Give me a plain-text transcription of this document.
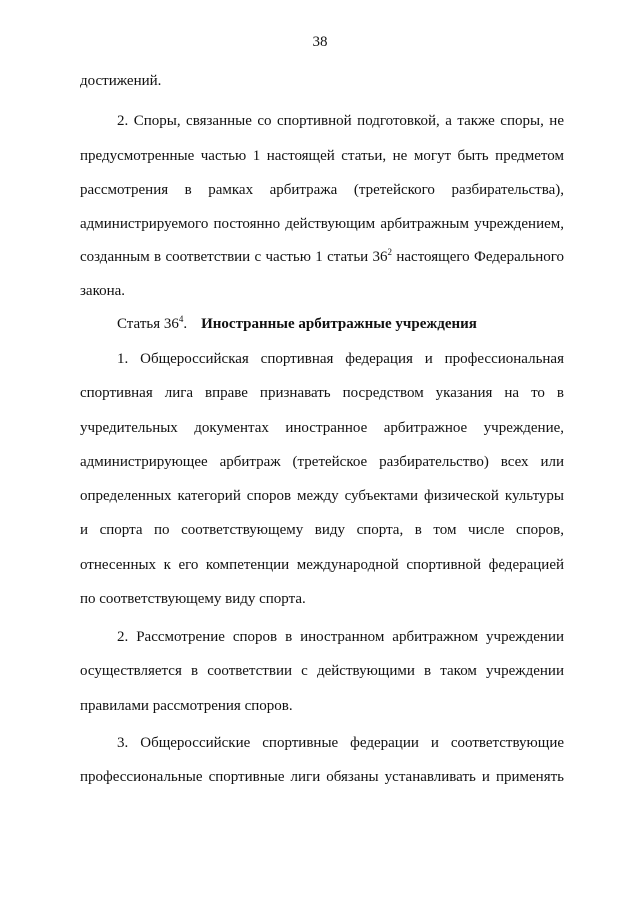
38
достижений.
2. Споры, связанные со спортивной подготовкой, а также споры, не
предусмотренные частью 1 настоящей статьи, не могут быть предметом
рассмотрения в рамках арбитража (третейского разбирательства),
администрируемого постоянно действующим арбитражным учреждением,
созданным в соответствии с частью 1 статьи $36^2$ настоящего Федерального
закона.
Статья $36^4$. Иностранные арбитражные учреждения
1. Общероссийская спортивная федерация и профессиональная
спортивная лига вправе признавать посредством указания на то в
учредительных документах иностранное арбитражное учреждение,
администрирующее арбитраж (третейское разбирательство) всех или
определенных категорий споров между субъектами физической культуры
и спорта по соответствующему виду спорта, в том числе споров,
отнесенных к его компетенции международной спортивной федерацией
по соответствующему виду спорта.
2. Рассмотрение споров в иностранном арбитражном учреждении
осуществляется в соответствии с действующими в таком учреждении
правилами рассмотрения споров.
3. Общероссийские спортивные федерации и соответствующие
профессиональные спортивные лиги обязаны устанавливать и применять
